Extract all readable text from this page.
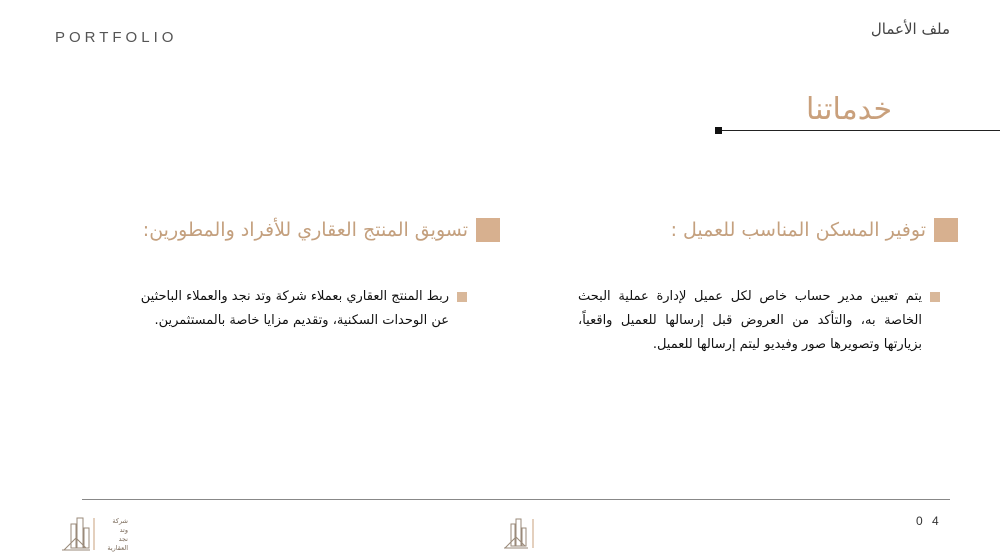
PORTFOLIO	ملف الأعمال
خدماتنا
توفير المسكن المناسب للعميل :
يتم تعيين مدير حساب خاص لكل عميل لإدارة عملية البحث الخاصة به، والتأكد من العروض قبل إرسالها للعميل واقعياً، بزيارتها وتصويرها صور وفيديو ليتم إرسالها للعميل.
تسويق المنتج العقاري للأفراد والمطورين:
ربط المنتج العقاري بعملاء شركة وتد نجد والعملاء الباحثين عن الوحدات السكنية، وتقديم مزايا خاصة بالمستثمرين.
0 4
شركة
وتد
نجد
العقارية
